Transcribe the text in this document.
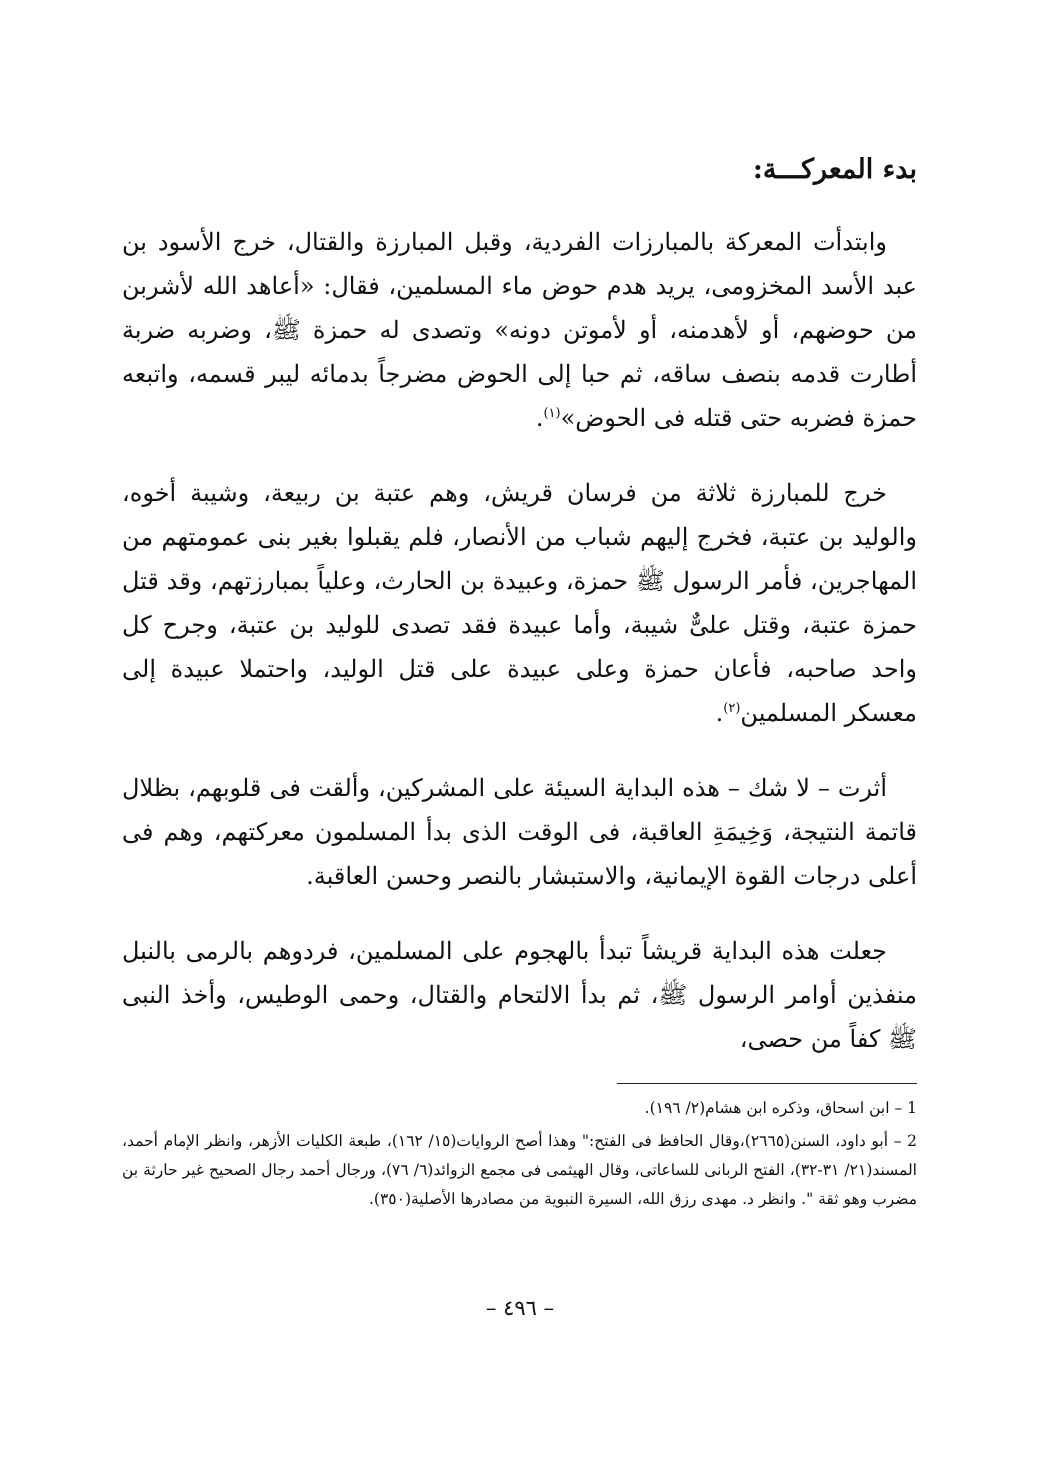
بدء المعركـــة:

وابتدأت المعركة بالمبارزات الفردية، وقبل المبارزة والقتال، خرج الأسود بن عبد الأسد المخزومى، يريد هدم حوض ماء المسلمين، فقال: «أعاهد الله لأشربن من حوضهم، أو لأهدمنه، أو لأموتن دونه» وتصدى له حمزة ﷺ، وضربه ضربة أطارت قدمه بنصف ساقه، ثم حبا إلى الحوض مضرجاً بدمائه ليبر قسمه، واتبعه حمزة فضربه حتى قتله فى الحوض»$^{(١)}$.

خرج للمبارزة ثلاثة من فرسان قريش، وهم عتبة بن ربيعة، وشيبة أخوه، والوليد بن عتبة، فخرج إليهم شباب من الأنصار، فلم يقبلوا بغير بنى عمومتهم من المهاجرين، فأمر الرسول ﷺ حمزة، وعبيدة بن الحارث، وعلياً بمبارزتهم، وقد قتل حمزة عتبة، وقتل علىٌّ شيبة، وأما عبيدة فقد تصدى للوليد بن عتبة، وجرح كل واحد صاحبه، فأعان حمزة وعلى عبيدة على قتل الوليد، واحتملا عبيدة إلى معسكر المسلمين$^{(٢)}$.

أثرت – لا شك – هذه البداية السيئة على المشركين، وألقت فى قلوبهم، بظلال قاتمة النتيجة، وَخِيمَةِ العاقبة، فى الوقت الذى بدأ المسلمون معركتهم، وهم فى أعلى درجات القوة الإيمانية، والاستبشار بالنصر وحسن العاقبة.

جعلت هذه البداية قريشاً تبدأ بالهجوم على المسلمين، فردوهم بالرمى بالنبل منفذين أوامر الرسول ﷺ، ثم بدأ الالتحام والقتال، وحمى الوطيس، وأخذ النبى ﷺ كفاً من حصى،

1 – ابن اسحاق، وذكره ابن هشام(٢/ ١٩٦).

2 – أبو داود، السنن(٢٦٦٥)،وقال الحافظ فى الفتح:" وهذا أصح الروايات(١٥/ ١٦٢)، طبعة الكليات الأزهر، وانظر الإمام أحمد، المسند(٢١/ ٣١-٣٢)، الفتح الربانى للساعاتى، وقال الهيثمى فى مجمع الزوائد(٦/ ٧٦)، ورجال أحمد رجال الصحيح غير حارثة بن مضرب وهو ثقة ". وانظر د. مهدى رزق الله، السيرة النبوية من مصادرها الأصلية(٣٥٠).

– ٤٩٦ –
